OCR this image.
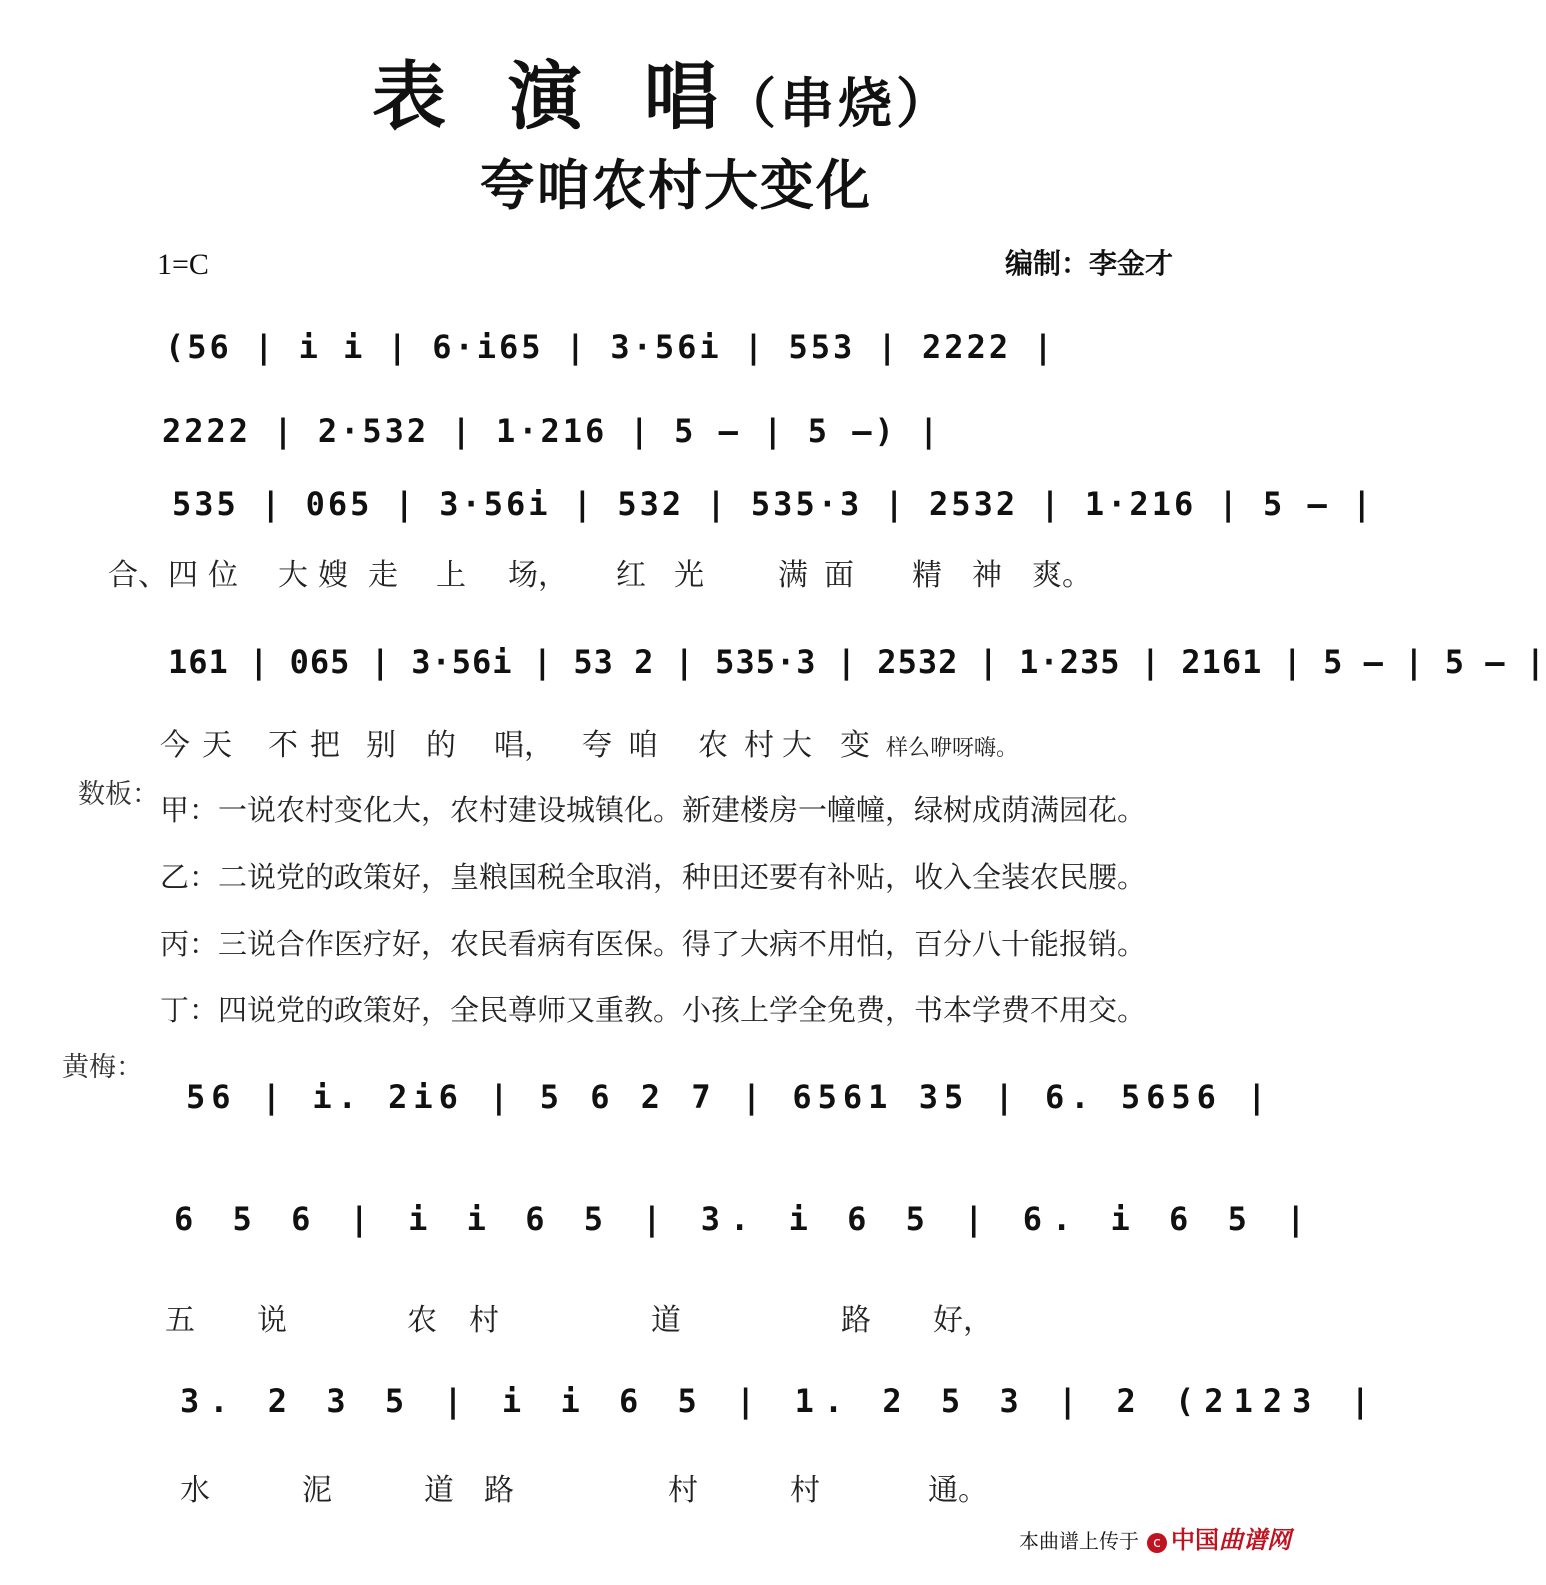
表 演 唱（串烧）
夸咱农村大变化
1=C	编制：李金才
(56 | i i | 6·i65 | 3·56i | 553 | 2222 |
2222 | 2·532 | 1·216 | 5 – | 5 –) |
535 | 065 | 3·56i | 532 | 535·3 | 2532 | 1·216 | 5 – |
合、四 位 大 嫂 走 上 场， 红 光 满 面 精 神 爽。
161 | 065 | 3·56i | 53 2 | 535·3 | 2532 | 1·235 | 2161 | 5 – | 5 – |
今 天 不 把 别 的 唱， 夸 咱 农 村 大 变 样么咿呀嗨。
数板： 甲：一说农村变化大，农村建设城镇化。新建楼房一幢幢，绿树成荫满园花。
乙：二说党的政策好，皇粮国税全取消，种田还要有补贴，收入全装农民腰。
丙：三说合作医疗好，农民看病有医保。得了大病不用怕，百分八十能报销。
丁：四说党的政策好，全民尊师又重教。小孩上学全免费，书本学费不用交。
黄梅：
56 | i. 2i6 | 5 6 2 7 | 6561 35 | 6. 5656 |
6 5 6 | i i 6 5 | 3. i 6 5 | 6. i 6 5 |
五 说	农 村	道	路 好，
3. 2 3 5 | i i 6 5 | 1. 2 5 3 | 2 (2123 |
水	泥	道 路	村	村	通。
本曲谱上传于 c 中国曲谱网
